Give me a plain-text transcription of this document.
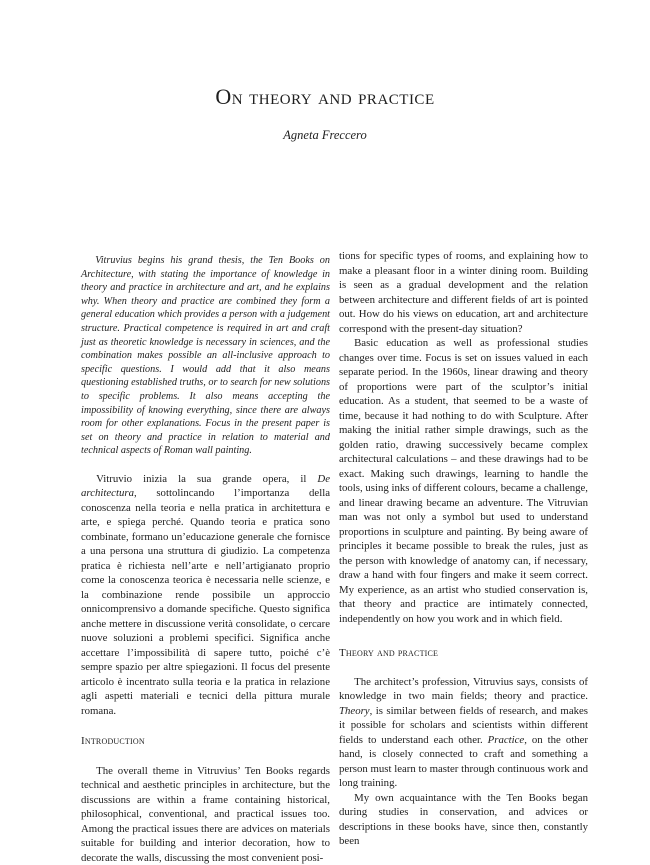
On theory and practice
Agneta Freccero

Vitruvius begins his grand thesis, the Ten Books on Architecture, with stating the importance of knowledge in theory and practice in architecture and art, and he explains why. When theory and practice are combined they form a general education which provides a person with a judgement structure. Practical competence is required in art and craft just as theoretic knowledge is necessary in sciences, and the combination makes possible an all-inclusive approach to specific questions. I would add that it also means questioning established truths, or to search for new solutions to specific problems. It also means accepting the impossibility of knowing everything, since there are always room for other explanations. Focus in the present paper is set on theory and practice in relation to material and technical aspects of Roman wall painting.

Vitruvio inizia la sua grande opera, il De architectura, sottolincando l’importanza della conoscenza nella teoria e nella pratica in architettura e arte, e spiega perché. Quando teoria e pratica sono combinate, formano un’educazione generale che fornisce a una persona una struttura di giudizio. La competenza pratica è richiesta nell’arte e nell’artigianato proprio come la conoscenza teorica è necessaria nelle scienze, e la combinazione rende possibile un approccio onnicomprensivo a domande specifiche. Questo significa anche mettere in discussione verità consolidate, o cercare nuove soluzioni a problemi specifici. Significa anche accettare l’impossibilità di sapere tutto, poiché c’è sempre spazio per altre spiegazioni. Il focus del presente articolo è incentrato sulla teoria e la pratica in relazione agli aspetti materiali e tecnici della pittura murale romana.

Introduction

The overall theme in Vitruvius’ Ten Books regards technical and aesthetic principles in architecture, but the discussions are within a frame containing historical, philosophical, conventional, and practical issues too. Among the practical issues there are advices on materials suitable for building and interior decoration, how to decorate the walls, discussing the most convenient posi-

tions for specific types of rooms, and explaining how to make a pleasant floor in a winter dining room. Building is seen as a gradual development and the relation between architecture and different fields of art is pointed out. How do his views on education, art and architecture correspond with the present-day situation?

Basic education as well as professional studies changes over time. Focus is set on issues valued in each separate period. In the 1960s, linear drawing and theory of proportions were part of the sculptor’s initial education. As a student, that seemed to be a waste of time, because it had nothing to do with Sculpture. After making the initial rather simple drawings, such as the golden ratio, drawing successively became complex architectural calculations – and these drawings had to be exact. Making such drawings, learning to handle the tools, using inks of different colours, became a challenge, and linear drawing became an adventure. The Vitruvian man was not only a symbol but used to understand proportions in sculpture and painting. By being aware of principles it became possible to break the rules, just as the person with knowledge of anatomy can, if necessary, draw a hand with four fingers and make it seem correct. My experience, as an artist who studied conservation is, that theory and practice are intimately connected, independently on how you work and in which field.

Theory and practice

The architect’s profession, Vitruvius says, consists of knowledge in two main fields; theory and practice. Theory, is similar between fields of research, and makes it possible for scholars and scientists within different fields to understand each other. Practice, on the other hand, is closely connected to craft and something a person must learn to master through continuous work and long training.

My own acquaintance with the Ten Books began during studies in conservation, and advices or descriptions in these books have, since then, constantly been
